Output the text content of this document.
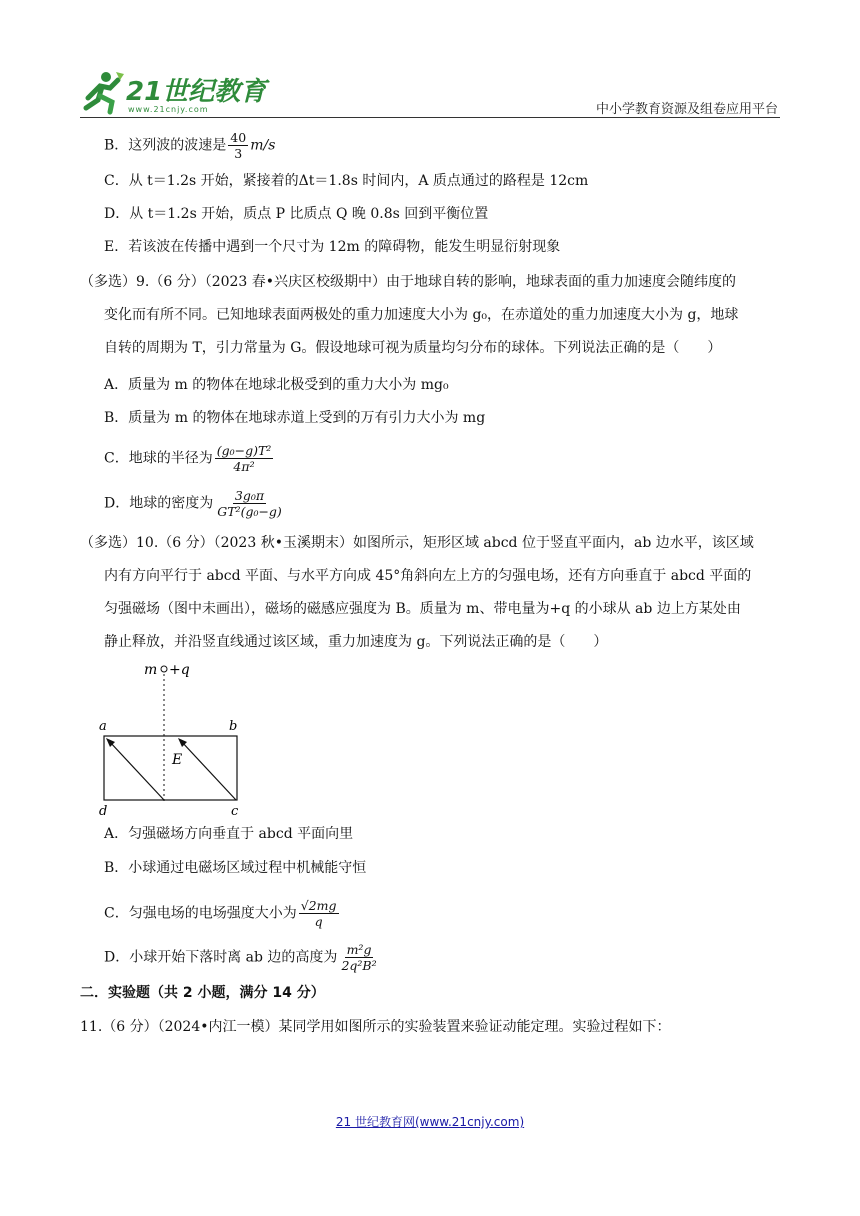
21世纪教育
www.21cnjy.com	中小学教育资源及组卷应用平台
B．这列波的波速是 $\frac{40}{3} m/s$
C．从 t＝1.2s 开始，紧接着的Δt＝1.8s 时间内，A 质点通过的路程是 12cm
D．从 t＝1.2s 开始，质点 P 比质点 Q 晚 0.8s 回到平衡位置
E．若该波在传播中遇到一个尺寸为 12m 的障碍物，能发生明显衍射现象
（多选）9.（6 分）（2023 春•兴庆区校级期中）由于地球自转的影响，地球表面的重力加速度会随纬度的
变化而有所不同。已知地球表面两极处的重力加速度大小为 g₀，在赤道处的重力加速度大小为 g，地球
自转的周期为 T，引力常量为 G。假设地球可视为质量均匀分布的球体。下列说法正确的是（　　）
A．质量为 m 的物体在地球北极受到的重力大小为 mg₀
B．质量为 m 的物体在地球赤道上受到的万有引力大小为 mg
C．地球的半径为 $\frac{\text{(g₀−g)T²}}{\text{4π²}}$
D．地球的密度为 $\frac{\text{3g₀π}}{\text{GT²(g₀−g)}}$
（多选）10.（6 分）（2023 秋•玉溪期末）如图所示，矩形区域 abcd 位于竖直平面内，ab 边水平，该区域
内有方向平行于 abcd 平面、与水平方向成 45°角斜向左上方的匀强电场，还有方向垂直于 abcd 平面的
匀强磁场（图中未画出），磁场的磁感应强度为 B。质量为 m、带电量为+q 的小球从 ab 边上方某处由
静止释放，并沿竖直线通过该区域，重力加速度为 g。下列说法正确的是（　　）
m +q
a	b
E
d	c
A．匀强磁场方向垂直于 abcd 平面向里
B．小球通过电磁场区域过程中机械能守恒
C．匀强电场的电场强度大小为 $\frac{√2mg}{q}$
D．小球开始下落时离 ab 边的高度为 $\frac{\text{m²g}}{\text{2q²B²}}$
二．实验题（共 2 小题，满分 14 分）
11.（6 分）（2024•内江一模）某同学用如图所示的实验装置来验证动能定理。实验过程如下：
21 世纪教育网(www.21cnjy.com)
